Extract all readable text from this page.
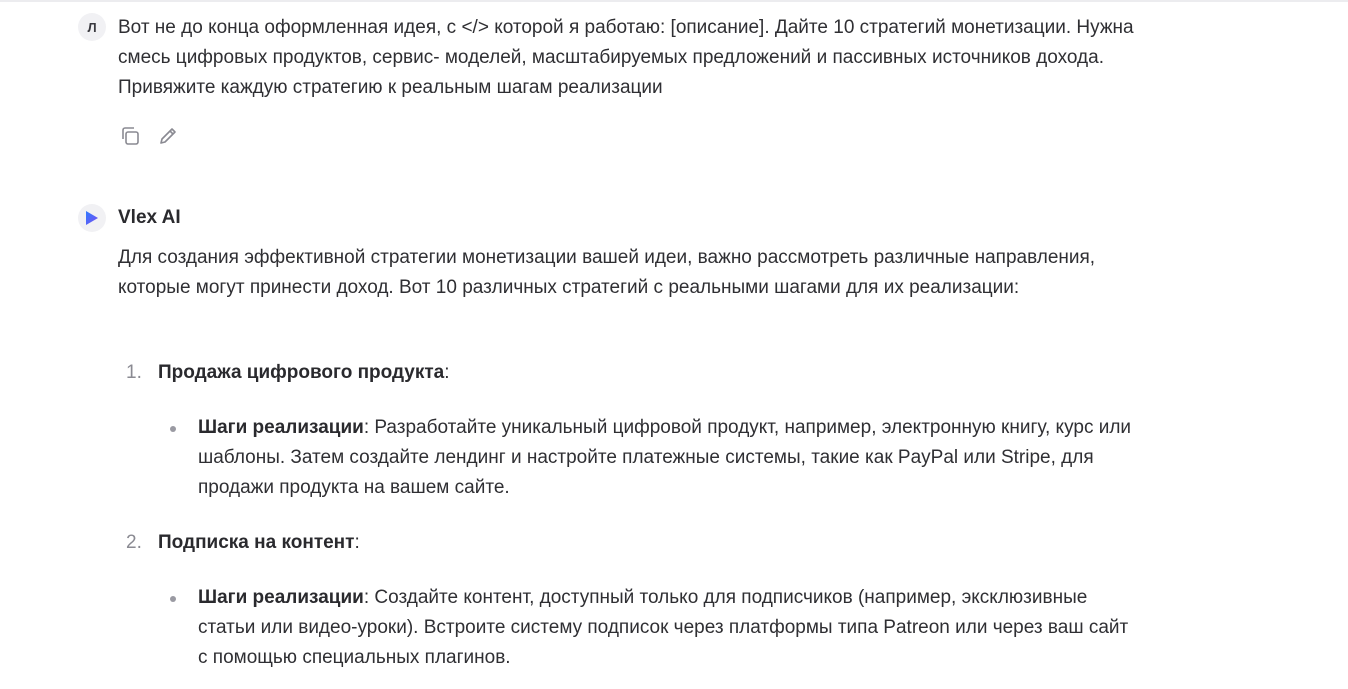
Л Вот не до конца оформленная идея, с </> которой я работаю: [описание]. Дайте 10 стратегий монетизации. Нужна смесь цифровых продуктов, сервис- моделей, масштабируемых предложений и пассивных источников дохода. Привяжите каждую стратегию к реальным шагам реализации
Vlex AI
Для создания эффективной стратегии монетизации вашей идеи, важно рассмотреть различные направления, которые могут принести доход. Вот 10 различных стратегий с реальными шагами для их реализации:
1. Продажа цифрового продукта:
Шаги реализации: Разработайте уникальный цифровой продукт, например, электронную книгу, курс или шаблоны. Затем создайте лендинг и настройте платежные системы, такие как PayPal или Stripe, для продажи продукта на вашем сайте.
2. Подписка на контент:
Шаги реализации: Создайте контент, доступный только для подписчиков (например, эксклюзивные статьи или видео-уроки). Встроите систему подписок через платформы типа Patreon или через ваш сайт с помощью специальных плагинов.
